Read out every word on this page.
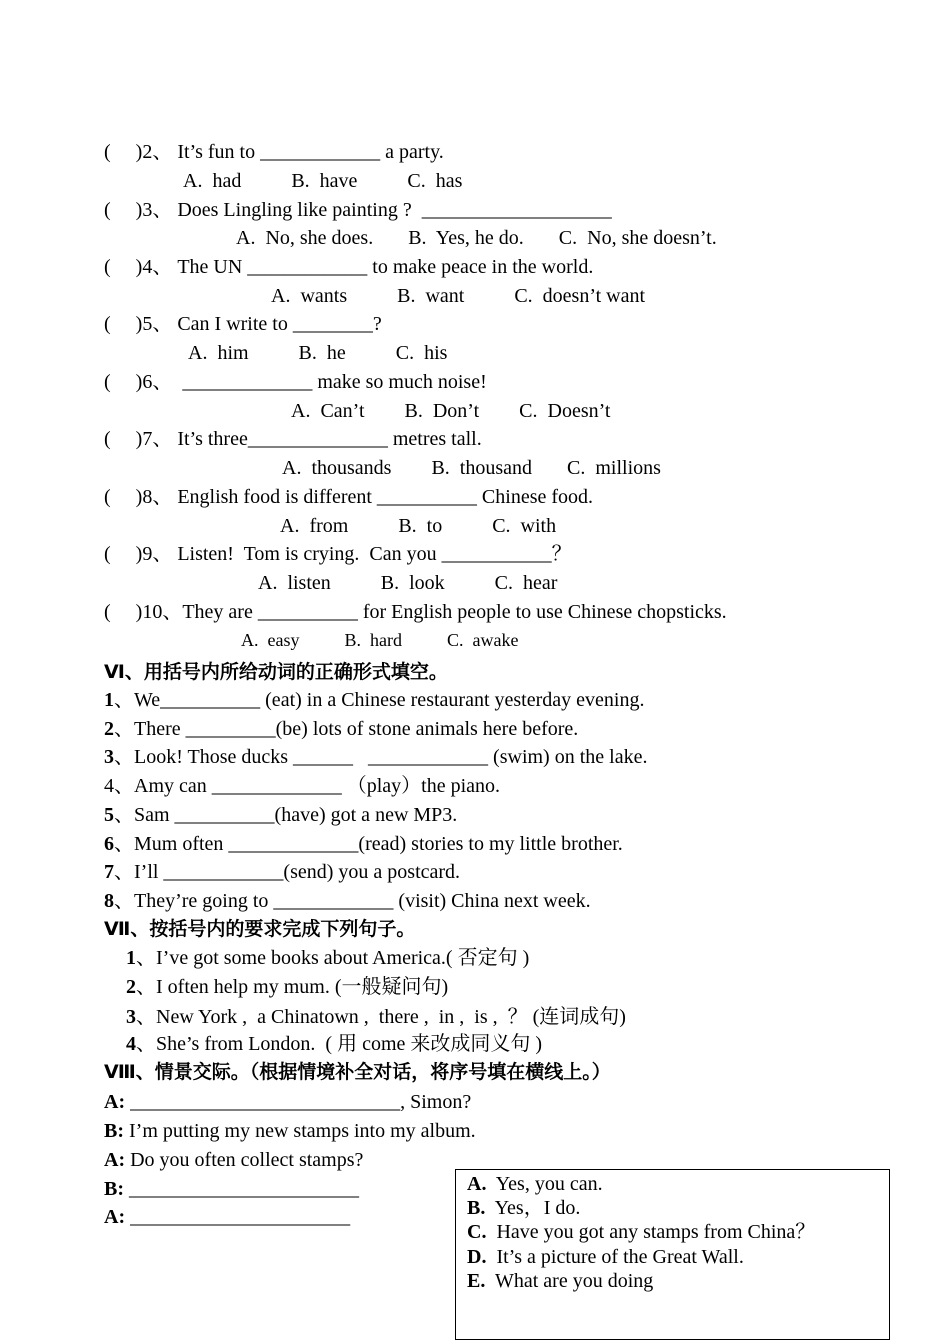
(     )2、 It’s fun to ____________ a party.
A.  had          B.  have          C.  has
(     )3、 Does Lingling like painting ?  ___________________
A.  No, she does.       B.  Yes, he do.       C.  No, she doesn’t.
(     )4、 The UN ____________ to make peace in the world.
A.  wants          B.  want          C.  doesn’t want
(     )5、 Can I write to ________?
A.  him          B.  he          C.  his
(     )6、  _____________ make so much noise!
A.  Can’t        B.  Don’t        C.  Doesn’t
(     )7、 It’s three______________ metres tall.
A.  thousands        B.  thousand       C.  millions
(     )8、 English food is different __________ Chinese food.
A.  from          B.  to          C.  with
(     )9、 Listen!  Tom is crying.  Can you ___________？
A.  listen          B.  look          C.  hear
(     )10、They are __________ for English people to use Chinese chopsticks.
A.  easy          B.  hard          C.  awake
Ⅵ、用括号内所给动词的正确形式填空。
1、We__________ (eat) in a Chinese restaurant yesterday evening.
2、There _________(be) lots of stone animals here before.
3、Look! Those ducks ______   ____________ (swim) on the lake.
4、Amy can _____________ （play）the piano.
5、Sam __________(have) got a new MP3.
6、Mum often _____________(read) stories to my little brother.
7、I’ll ____________(send) you a postcard.
8、They’re going to ____________ (visit) China next week.
Ⅶ、按括号内的要求完成下列句子。
1、I’ve got some books about America.( 否定句 )
2、I often help my mum. (一般疑问句)
3、New York ,  a Chinatown ,  there ,  in ,  is ,  ？ (连词成句)
4、She’s from London.  ( 用 come 来改成同义句 )
Ⅷ、情景交际。（根据情境补全对话，将序号填在横线上。）
A: ___________________________, Simon?
B: I’m putting my new stamps into my album.
A: Do you often collect stamps?
B: _______________________
A: ______________________
A.  Yes, you can.
B.  Yes，I do.
C.  Have you got any stamps from China？
D.  It’s a picture of the Great Wall.
E.  What are you doing
